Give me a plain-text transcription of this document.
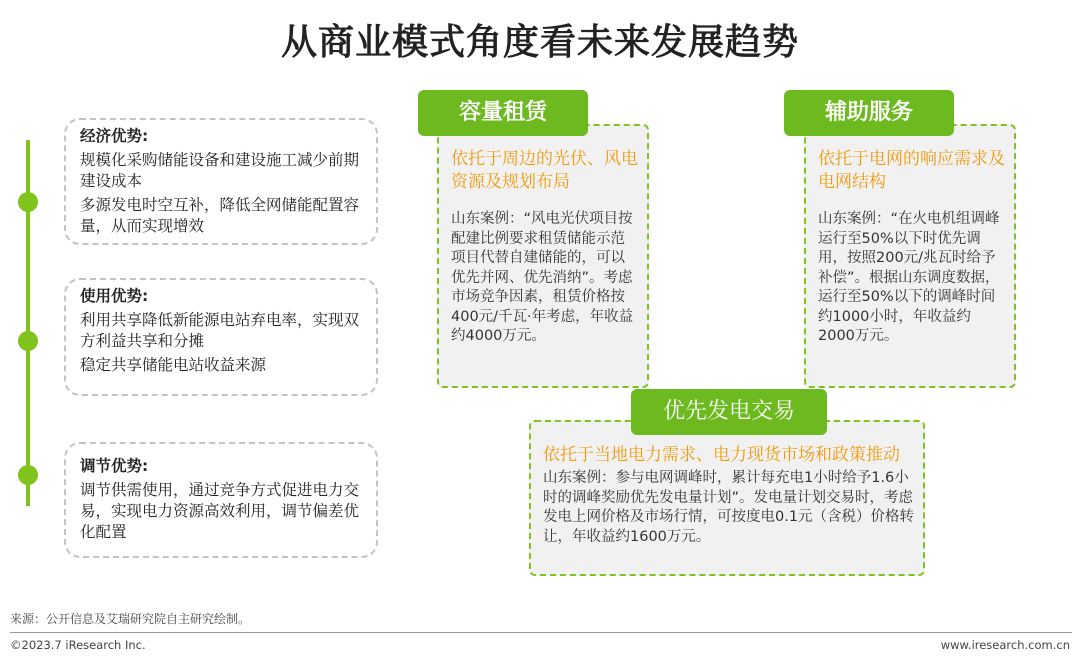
从商业模式角度看未来发展趋势
经济优势:
规模化采购储能设备和建设施工减少前期建设成本
多源发电时空互补，降低全网储能配置容量，从而实现增效
使用优势:
利用共享降低新能源电站弃电率，实现双方利益共享和分摊
稳定共享储能电站收益来源
调节优势:
调节供需使用，通过竞争方式促进电力交易，实现电力资源高效利用，调节偏差优化配置
依托于周边的光伏、风电资源及规划布局
山东案例：“风电光伏项目按配建比例要求租赁储能示范项目代替自建储能的，可以优先并网、优先消纳”。考虑市场竞争因素，租赁价格按400元/千瓦·年考虑，年收益约4000万元。
容量租赁
依托于电网的响应需求及电网结构
山东案例：“在火电机组调峰运行至50%以下时优先调用，按照200元/兆瓦时给予补偿”。根据山东调度数据，运行至50%以下的调峰时间约1000小时，年收益约2000万元。
辅助服务
依托于当地电力需求、电力现货市场和政策推动
山东案例：参与电网调峰时，累计每充电1小时给予1.6小时的调峰奖励优先发电量计划”。发电量计划交易时，考虑发电上网价格及市场行情，可按度电0.1元（含税）价格转让，年收益约1600万元。
优先发电交易
来源：公开信息及艾瑞研究院自主研究绘制。
©2023.7 iResearch Inc.	www.iresearch.com.cn
